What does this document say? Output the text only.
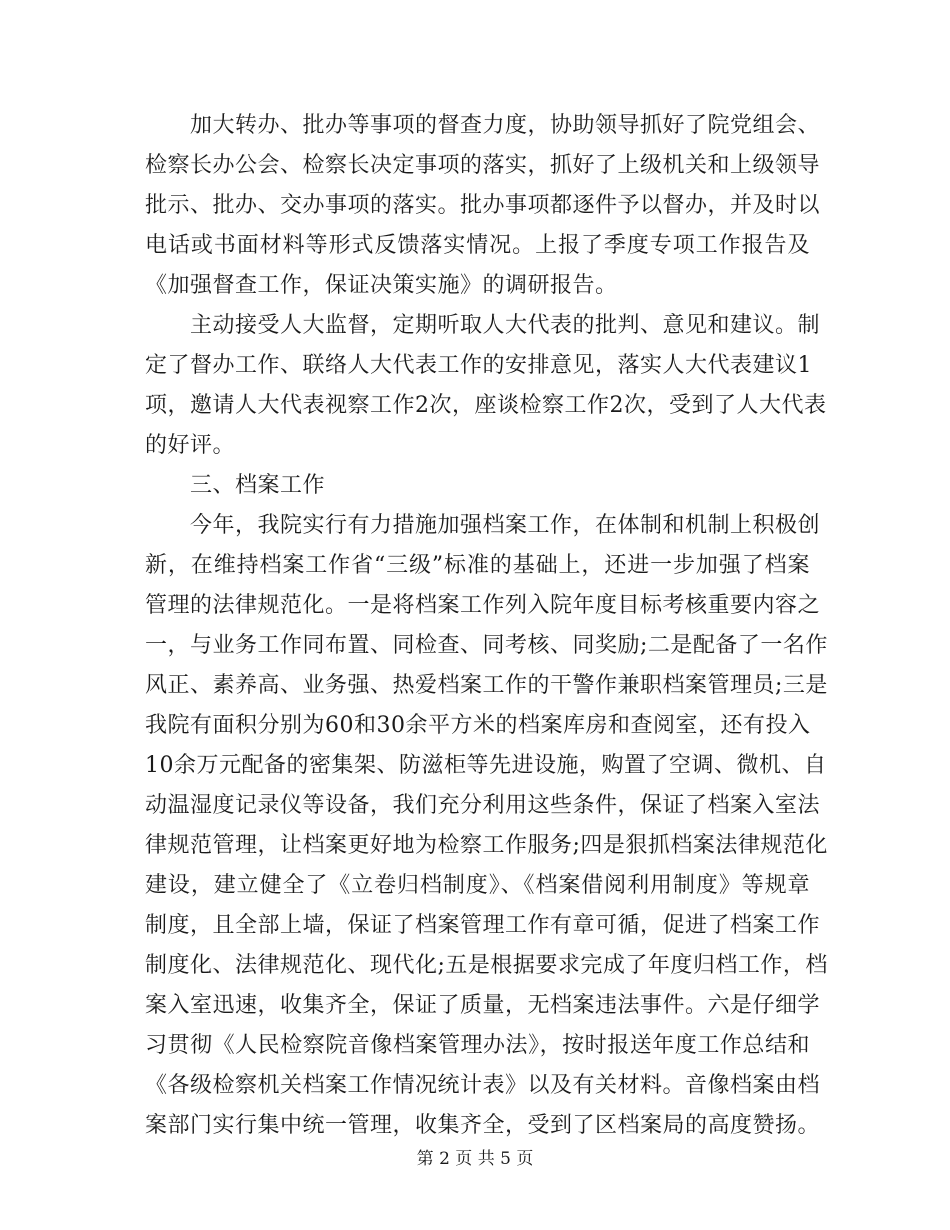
加大转办、批办等事项的督查力度，协助领导抓好了院党组会、
检察长办公会、检察长决定事项的落实，抓好了上级机关和上级领导
批示、批办、交办事项的落实。批办事项都逐件予以督办，并及时以
电话或书面材料等形式反馈落实情况。上报了季度专项工作报告及
《加强督查工作，保证决策实施》的调研报告。
主动接受人大监督，定期听取人大代表的批判、意见和建议。制
定了督办工作、联络人大代表工作的安排意见，落实人大代表建议1
项，邀请人大代表视察工作2次，座谈检察工作2次，受到了人大代表
的好评。
三、档案工作
今年，我院实行有力措施加强档案工作，在体制和机制上积极创
新，在维持档案工作省“三级”标准的基础上，还进一步加强了档案
管理的法律规范化。一是将档案工作列入院年度目标考核重要内容之
一，与业务工作同布置、同检查、同考核、同奖励;二是配备了一名作
风正、素养高、业务强、热爱档案工作的干警作兼职档案管理员;三是
我院有面积分别为60和30余平方米的档案库房和查阅室，还有投入
10余万元配备的密集架、防滋柜等先进设施，购置了空调、微机、自
动温湿度记录仪等设备，我们充分利用这些条件，保证了档案入室法
律规范管理，让档案更好地为检察工作服务;四是狠抓档案法律规范化
建设，建立健全了《立卷归档制度》、《档案借阅利用制度》等规章
制度，且全部上墙，保证了档案管理工作有章可循，促进了档案工作
制度化、法律规范化、现代化;五是根据要求完成了年度归档工作，档
案入室迅速，收集齐全，保证了质量，无档案违法事件。六是仔细学
习贯彻《人民检察院音像档案管理办法》，按时报送年度工作总结和
《各级检察机关档案工作情况统计表》以及有关材料。音像档案由档
案部门实行集中统一管理，收集齐全，受到了区档案局的高度赞扬。
第 2 页 共 5 页
